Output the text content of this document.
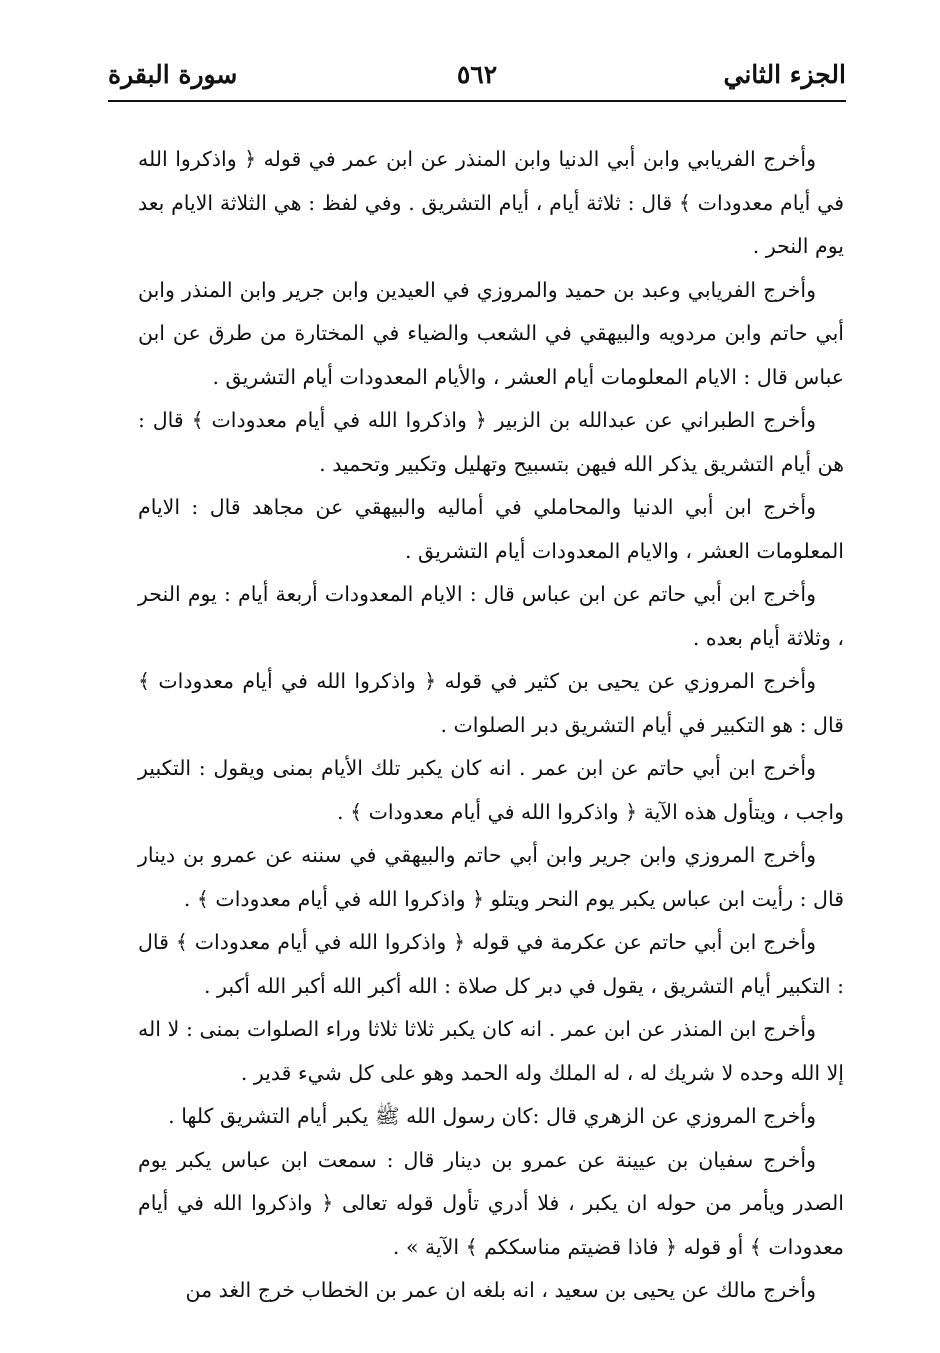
الجزء الثاني
٥٦٢
سورة البقرة

وأخرج الفريابي وابن أبي الدنيا وابن المنذر عن ابن عمر في قوله ﴿ واذكروا الله في أيام معدودات ﴾ قال : ثلاثة أيام ، أيام التشريق . وفي لفظ : هي الثلاثة الايام بعد يوم النحر .

وأخرج الفريابي وعبد بن حميد والمروزي في العيدين وابن جرير وابن المنذر وابن أبي حاتم وابن مردويه والبيهقي في الشعب والضياء في المختارة من طرق عن ابن عباس قال : الايام المعلومات أيام العشر ، والأيام المعدودات أيام التشريق .

وأخرج الطبراني عن عبدالله بن الزبير ﴿ واذكروا الله في أيام معدودات ﴾ قال : هن أيام التشريق يذكر الله فيهن بتسبيح وتهليل وتكبير وتحميد .

وأخرج ابن أبي الدنيا والمحاملي في أماليه والبيهقي عن مجاهد قال : الايام المعلومات العشر ، والايام المعدودات أيام التشريق .

وأخرج ابن أبي حاتم عن ابن عباس قال : الايام المعدودات أربعة أيام : يوم النحر ، وثلاثة أيام بعده .

وأخرج المروزي عن يحيى بن كثير في قوله ﴿ واذكروا الله في أيام معدودات ﴾ قال : هو التكبير في أيام التشريق دبر الصلوات .

وأخرج ابن أبي حاتم عن ابن عمر . انه كان يكبر تلك الأيام بمنى ويقول : التكبير واجب ، ويتأول هذه الآية ﴿ واذكروا الله في أيام معدودات ﴾ .

وأخرج المروزي وابن جرير وابن أبي حاتم والبيهقي في سننه عن عمرو بن دينار قال : رأيت ابن عباس يكبر يوم النحر ويتلو ﴿ واذكروا الله في أيام معدودات ﴾ .

وأخرج ابن أبي حاتم عن عكرمة في قوله ﴿ واذكروا الله في أيام معدودات ﴾ قال : التكبير أيام التشريق ، يقول في دبر كل صلاة : الله أكبر الله أكبر الله أكبر .

وأخرج ابن المنذر عن ابن عمر . انه كان يكبر ثلاثا ثلاثا وراء الصلوات بمنى : لا اله إلا الله وحده لا شريك له ، له الملك وله الحمد وهو على كل شيء قدير .

وأخرج المروزي عن الزهري قال :كان رسول الله ﷺ يكبر أيام التشريق كلها .

وأخرج سفيان بن عيينة عن عمرو بن دينار قال : سمعت ابن عباس يكبر يوم الصدر ويأمر من حوله ان يكبر ، فلا أدري تأول قوله تعالى ﴿ واذكروا الله في أيام معدودات ﴾ أو قوله ﴿ فاذا قضيتم مناسككم ﴾ الآية » .

وأخرج مالك عن يحيى بن سعيد ، انه بلغه ان عمر بن الخطاب خرج الغد من
